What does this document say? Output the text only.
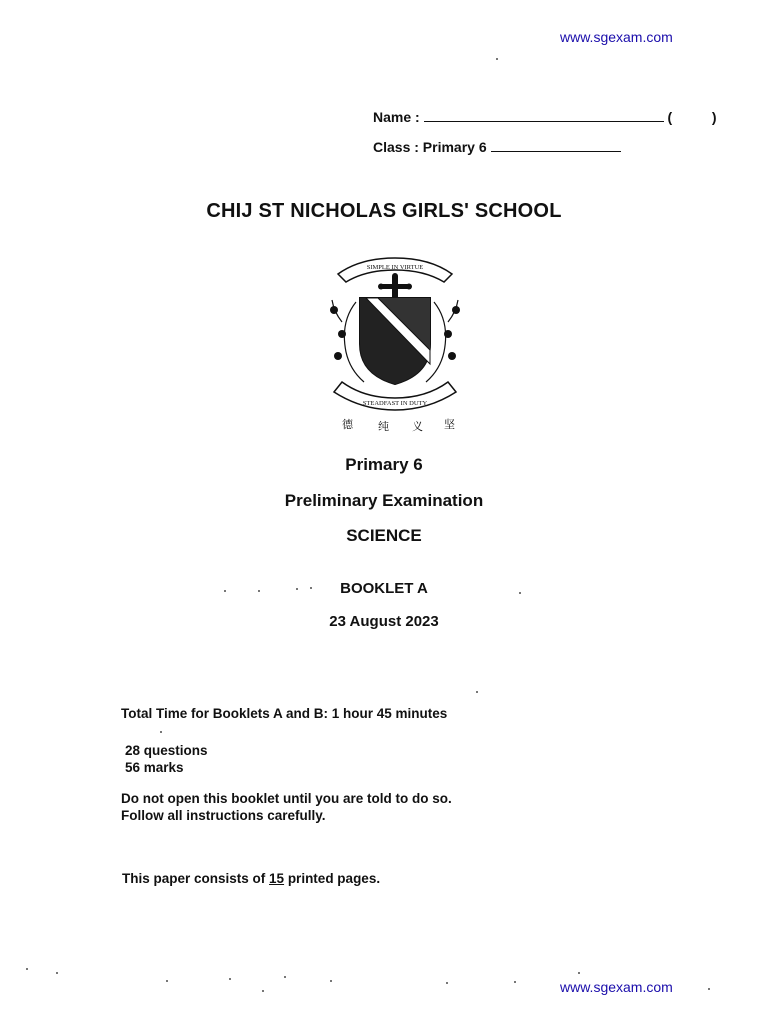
www.sgexam.com
Name :	(	)
Class : Primary 6
CHIJ ST NICHOLAS GIRLS' SCHOOL
SIMPLE IN VIRTUE
STEADFAST IN DUTY
德 纯 义 坚
Primary 6
Preliminary Examination
SCIENCE
BOOKLET A
23 August 2023
Total Time for Booklets A and B: 1 hour 45 minutes
28 questions
56 marks
Do not open this booklet until you are told to do so.
Follow all instructions carefully.
This paper consists of 15 printed pages.
www.sgexam.com
